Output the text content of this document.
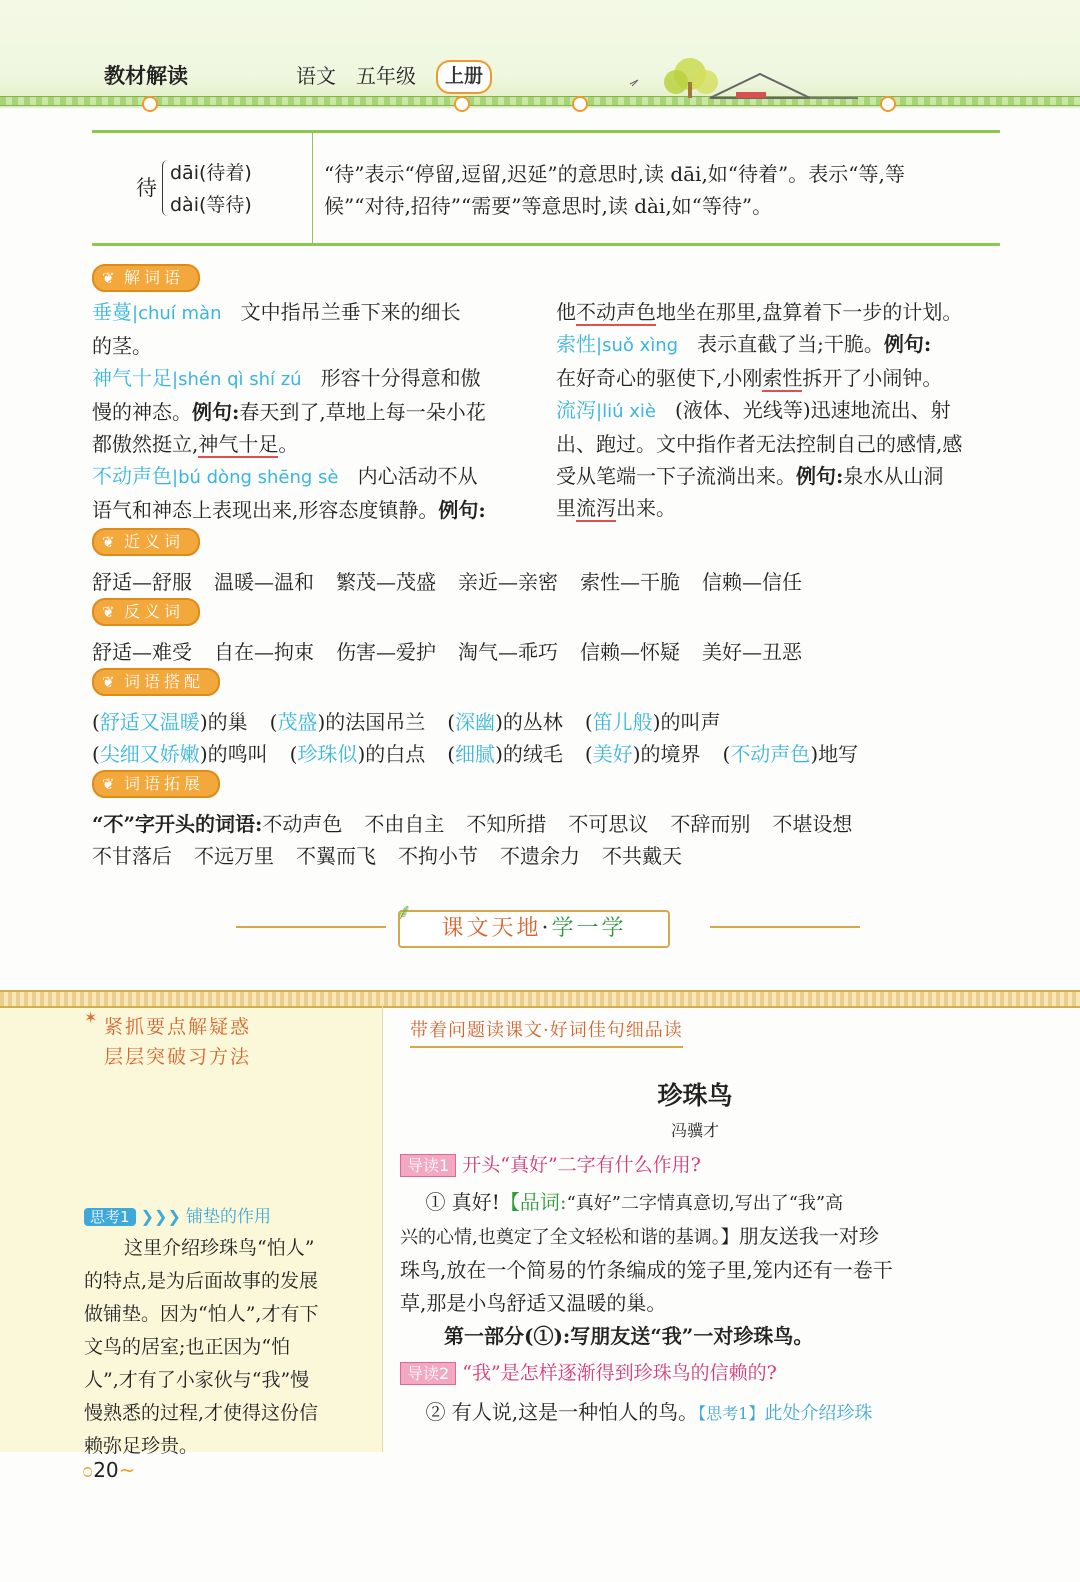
教材解读	语文 五年级	上册
待
dāi(待着)
dài(等待)
“待”表示“停留,逗留,迟延”的意思时,读 dāi,如“待着”。表示“等,等
候”“对待,招待”“需要”等意思时,读 dài,如“等待”。
❦ 解词语
垂蔓|chuí màn 文中指吊兰垂下来的细长
的茎。
神气十足|shén qì shí zú 形容十分得意和傲
慢的神态。例句:春天到了,草地上每一朵小花
都傲然挺立,神气十足。
不动声色|bú dòng shēng sè 内心活动不从
语气和神态上表现出来,形容态度镇静。例句:
他不动声色地坐在那里,盘算着下一步的计划。
索性|suǒ xìng 表示直截了当;干脆。例句:
在好奇心的驱使下,小刚索性拆开了小闹钟。
流泻|liú xiè (液体、光线等)迅速地流出、射
出、跑过。文中指作者无法控制自己的感情,感
受从笔端一下子流淌出来。例句:泉水从山洞
里流泻出来。
❦ 近义词
舒适—舒服 温暖—温和 繁茂—茂盛 亲近—亲密 索性—干脆 信赖—信任
❦ 反义词
舒适—难受 自在—拘束 伤害—爱护 淘气—乖巧 信赖—怀疑 美好—丑恶
❦ 词语搭配
(舒适又温暖)的巢 (茂盛)的法国吊兰 (深幽)的丛林 (笛儿般)的叫声
(尖细又娇嫩)的鸣叫 (珍珠似)的白点 (细腻)的绒毛 (美好)的境界 (不动声色)地写
❦ 词语拓展
“不”字开头的词语:不动声色 不由自主 不知所措 不可思议 不辞而别 不堪设想
不甘落后 不远万里 不翼而飞 不拘小节 不遗余力 不共戴天
课文天地·学一学
⸙
紧抓要点解疑惑
层层突破习方法
✶
思考1 ❯❯❯ 铺垫的作用
这里介绍珍珠鸟“怕人”
的特点,是为后面故事的发展
做铺垫。因为“怕人”,才有下
文鸟的居室;也正因为“怕
人”,才有了小家伙与“我”慢
慢熟悉的过程,才使得这份信
赖弥足珍贵。
带着问题读课文·好词佳句细品读
珍珠鸟
冯骥才
导读1 开头“真好”二字有什么作用?
① 真好!【品词:“真好”二字情真意切,写出了“我”高
兴的心情,也奠定了全文轻松和谐的基调。】朋友送我一对珍
珠鸟,放在一个简易的竹条编成的笼子里,笼内还有一卷干
草,那是小鸟舒适又温暖的巢。
第一部分(①):写朋友送“我”一对珍珠鸟。
导读2 “我”是怎样逐渐得到珍珠鸟的信赖的?
② 有人说,这是一种怕人的鸟。【思考1】此处介绍珍珠
೦20~
